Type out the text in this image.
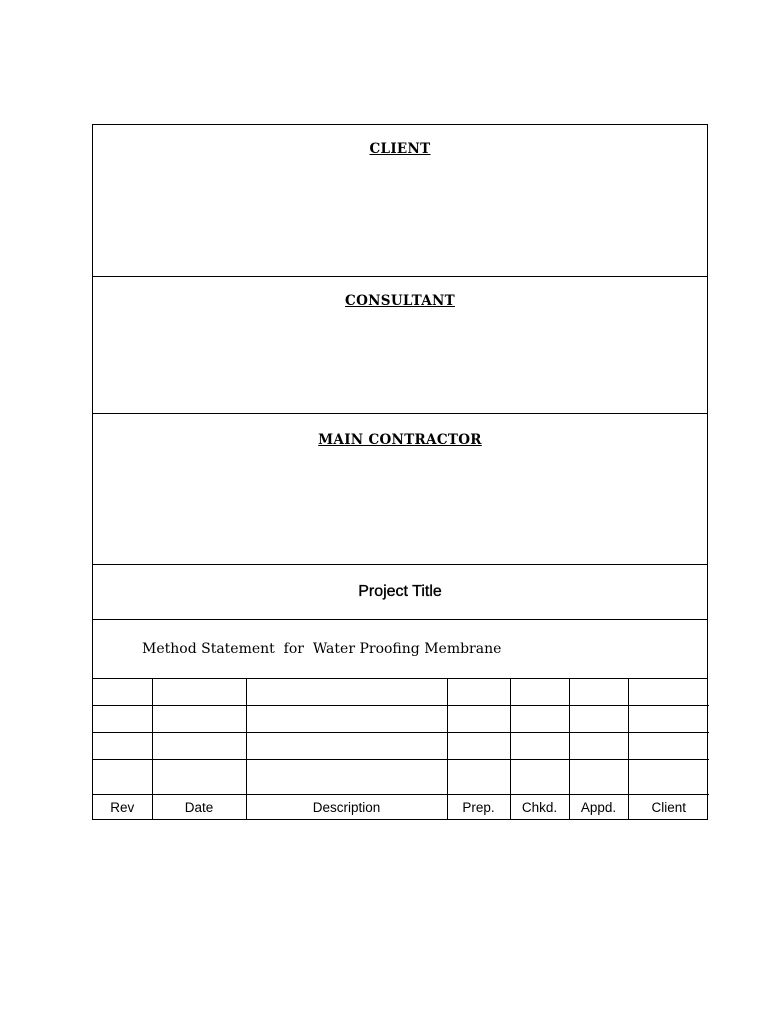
CLIENT
CONSULTANT
MAIN CONTRACTOR
Project Title
Method Statement  for  Water Proofing Membrane

Rev	Date	Description	Prep.	Chkd.	Appd.	Client
